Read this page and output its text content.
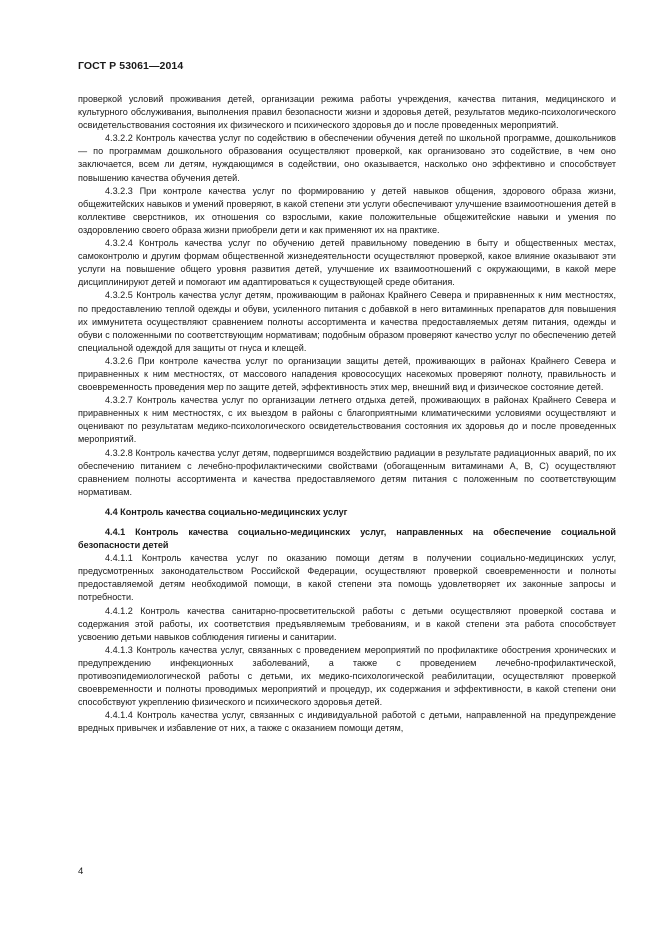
ГОСТ Р 53061—2014

проверкой условий проживания детей, организации режима работы учреждения, качества питания, медицинского и культурного обслуживания, выполнения правил безопасности жизни и здоровья детей, результатов медико-психологического освидетельствования состояния их физического и психического здоровья до и после проведенных мероприятий.

4.3.2.2 Контроль качества услуг по содействию в обеспечении обучения детей по школьной программе, дошкольников — по программам дошкольного образования осуществляют проверкой, как организовано это содействие, в чем оно заключается, всем ли детям, нуждающимся в содействии, оно оказывается, насколько оно эффективно и способствует повышению качества обучения детей.

4.3.2.3 При контроле качества услуг по формированию у детей навыков общения, здорового образа жизни, общежитейских навыков и умений проверяют, в какой степени эти услуги обеспечивают улучшение взаимоотношения детей в коллективе сверстников, их отношения со взрослыми, какие положительные общежитейские навыки и умения по оздоровлению своего образа жизни приобрели дети и как применяют их на практике.

4.3.2.4 Контроль качества услуг по обучению детей правильному поведению в быту и общественных местах, самоконтролю и другим формам общественной жизнедеятельности осуществляют проверкой, какое влияние оказывают эти услуги на повышение общего уровня развития детей, улучшение их взаимоотношений с окружающими, в какой мере дисциплинируют детей и помогают им адаптироваться к существующей среде обитания.

4.3.2.5 Контроль качества услуг детям, проживающим в районах Крайнего Севера и приравненных к ним местностях, по предоставлению теплой одежды и обуви, усиленного питания с добавкой в него витаминных препаратов для повышения их иммунитета осуществляют сравнением полноты ассортимента и качества предоставляемых детям питания, одежды и обуви с положенными по соответствующим нормативам; подобным образом проверяют качество услуг по обеспечению детей специальной одеждой для защиты от гнуса и клещей.

4.3.2.6 При контроле качества услуг по организации защиты детей, проживающих в районах Крайнего Севера и приравненных к ним местностях, от массового нападения кровососущих насекомых проверяют полноту, правильность и своевременность проведения мер по защите детей, эффективность этих мер, внешний вид и физическое состояние детей.

4.3.2.7 Контроль качества услуг по организации летнего отдыха детей, проживающих в районах Крайнего Севера и приравненных к ним местностях, с их выездом в районы с благоприятными климатическими условиями осуществляют и оценивают по результатам медико-психологического освидетельствования состояния их здоровья до и после проведенных мероприятий.

4.3.2.8 Контроль качества услуг детям, подвергшимся воздействию радиации в результате радиационных аварий, по их обеспечению питанием с лечебно-профилактическими свойствами (обогащенным витаминами A, B, C) осуществляют сравнением полноты ассортимента и качества предоставляемого детям питания с положенным по соответствующим нормативам.

4.4 Контроль качества социально-медицинских услуг

4.4.1 Контроль качества социально-медицинских услуг, направленных на обеспечение социальной безопасности детей

4.4.1.1 Контроль качества услуг по оказанию помощи детям в получении социально-медицинских услуг, предусмотренных законодательством Российской Федерации, осуществляют проверкой своевременности и полноты предоставляемой детям необходимой помощи, в какой степени эта помощь удовлетворяет их законные запросы и потребности.

4.4.1.2 Контроль качества санитарно-просветительской работы с детьми осуществляют проверкой состава и содержания этой работы, их соответствия предъявляемым требованиям, и в какой степени эта работа способствует усвоению детьми навыков соблюдения гигиены и санитарии.

4.4.1.3 Контроль качества услуг, связанных с проведением мероприятий по профилактике обострения хронических и предупреждению инфекционных заболеваний, а также с проведением лечебно-профилактической, противоэпидемиологической работы с детьми, их медико-психологической реабилитации, осуществляют проверкой своевременности и полноты проводимых мероприятий и процедур, их содержания и эффективности, в какой степени они способствуют укреплению физического и психического здоровья детей.

4.4.1.4 Контроль качества услуг, связанных с индивидуальной работой с детьми, направленной на предупреждение вредных привычек и избавление от них, а также с оказанием помощи детям,

4
